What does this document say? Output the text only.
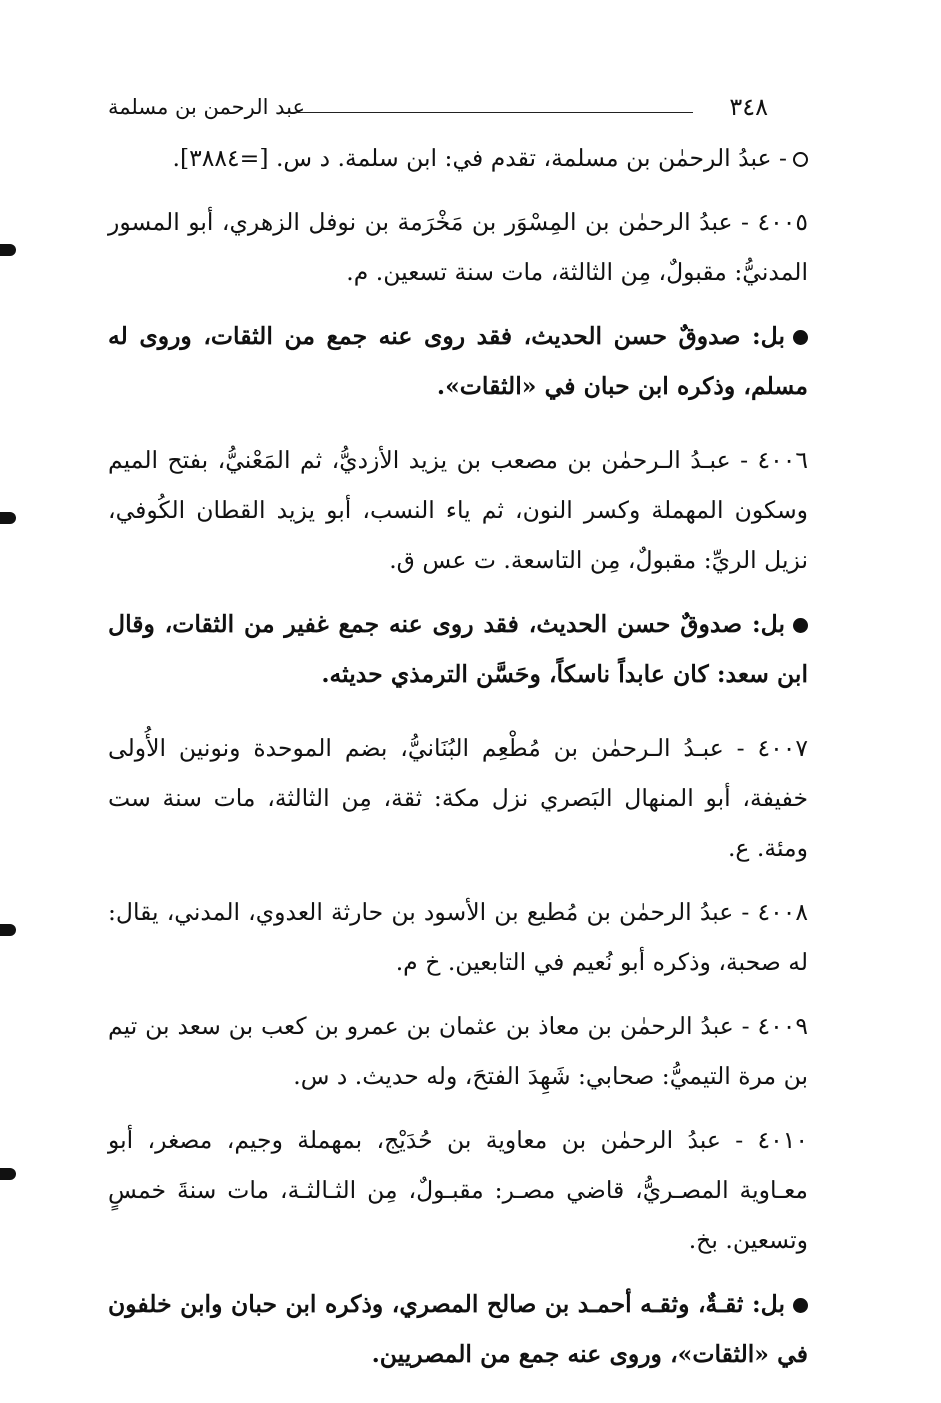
٣٤٨
عبد الرحمن بن مسلمة

- عبدُ الرحمٰن بن مسلمة، تقدم في: ابن سلمة. د س. [=٣٨٨٤].

٤٠٠٥ - عبدُ الرحمٰن بن المِسْوَر بن مَخْرَمة بن نوفل الزهري، أبو المسور المدنيُّ: مقبولٌ، مِن الثالثة، مات سنة تسعين. م.

بل: صدوقٌ حسن الحديث، فقد روى عنه جمع من الثقات، وروى له مسلم، وذكره ابن حبان في «الثقات».

٤٠٠٦ - عبـدُ الـرحمٰن بن مصعب بن يزيد الأزديُّ، ثم المَعْنيُّ، بفتح الميم وسكون المهملة وكسر النون، ثم ياء النسب، أبو يزيد القطان الكُوفي، نزيل الريِّ: مقبولٌ، مِن التاسعة. ت عس ق.

بل: صدوقٌ حسن الحديث، فقد روى عنه جمع غفير من الثقات، وقال ابن سعد: كان عابداً ناسكاً، وحَسَّن الترمذي حديثه.

٤٠٠٧ - عبـدُ الـرحمٰن بن مُطْعِم البُنَانيُّ، بضم الموحدة ونونين الأُولى خفيفة، أبو المنهال البَصري نزل مكة: ثقة، مِن الثالثة، مات سنة ست ومئة. ع.

٤٠٠٨ - عبدُ الرحمٰن بن مُطيع بن الأسود بن حارثة العدوي، المدني، يقال: له صحبة، وذكره أبو نُعيم في التابعين. خ م.

٤٠٠٩ - عبدُ الرحمٰن بن معاذ بن عثمان بن عمرو بن كعب بن سعد بن تيم بن مرة التيميُّ: صحابي: شَهِدَ الفتحَ، وله حديث. د س.

٤٠١٠ - عبدُ الرحمٰن بن معاوية بن حُدَيْج، بمهملة وجيم، مصغر، أبو معـاوية المصـريُّ، قاضي مصـر: مقبـولٌ، مِن الثـالثـة، مات سنةَ خمسٍ وتسعين. بخ.

بل: ثقـةٌ، وثقـه أحمـد بن صالح المصري، وذكره ابن حبان وابن خلفون في «الثقات»، وروى عنه جمع من المصريين.
